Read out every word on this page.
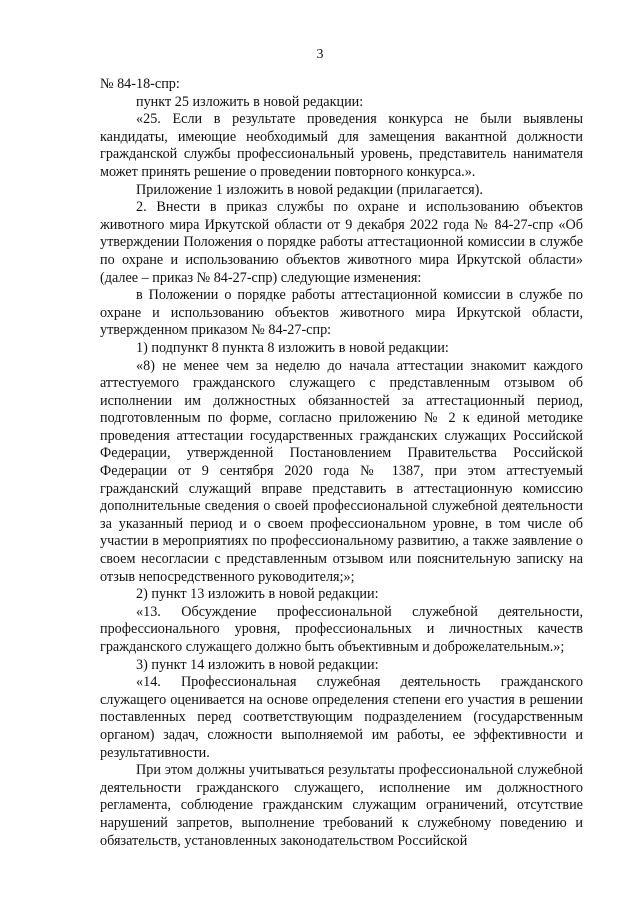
3

№ 84-18-спр:

пункт 25 изложить в новой редакции:

«25. Если в результате проведения конкурса не были выявлены кандидаты, имеющие необходимый для замещения вакантной должности гражданской службы профессиональный уровень, представитель нанимателя может принять решение о проведении повторного конкурса.».

Приложение 1 изложить в новой редакции (прилагается).

2. Внести в приказ службы по охране и использованию объектов животного мира Иркутской области от 9 декабря 2022 года № 84-27-спр «Об утверждении Положения о порядке работы аттестационной комиссии в службе по охране и использованию объектов животного мира Иркутской области» (далее – приказ № 84-27-спр) следующие изменения:

в Положении о порядке работы аттестационной комиссии в службе по охране и использованию объектов животного мира Иркутской области, утвержденном приказом № 84-27-спр:

1) подпункт 8 пункта 8 изложить в новой редакции:

«8) не менее чем за неделю до начала аттестации знакомит каждого аттестуемого гражданского служащего с представленным отзывом об исполнении им должностных обязанностей за аттестационный период, подготовленным по форме, согласно приложению № 2 к единой методике проведения аттестации государственных гражданских служащих Российской Федерации, утвержденной Постановлением Правительства Российской Федерации от 9 сентября 2020 года № 1387, при этом аттестуемый гражданский служащий вправе представить в аттестационную комиссию дополнительные сведения о своей профессиональной служебной деятельности за указанный период и о своем профессиональном уровне, в том числе об участии в мероприятиях по профессиональному развитию, а также заявление о своем несогласии с представленным отзывом или пояснительную записку на отзыв непосредственного руководителя;»;

2) пункт 13 изложить в новой редакции:

«13. Обсуждение профессиональной служебной деятельности, профессионального уровня, профессиональных и личностных качеств гражданского служащего должно быть объективным и доброжелательным.»;

3) пункт 14 изложить в новой редакции:

«14. Профессиональная служебная деятельность гражданского служащего оценивается на основе определения степени его участия в решении поставленных перед соответствующим подразделением (государственным органом) задач, сложности выполняемой им работы, ее эффективности и результативности.

При этом должны учитываться результаты профессиональной служебной деятельности гражданского служащего, исполнение им должностного регламента, соблюдение гражданским служащим ограничений, отсутствие нарушений запретов, выполнение требований к служебному поведению и обязательств, установленных законодательством Российской
